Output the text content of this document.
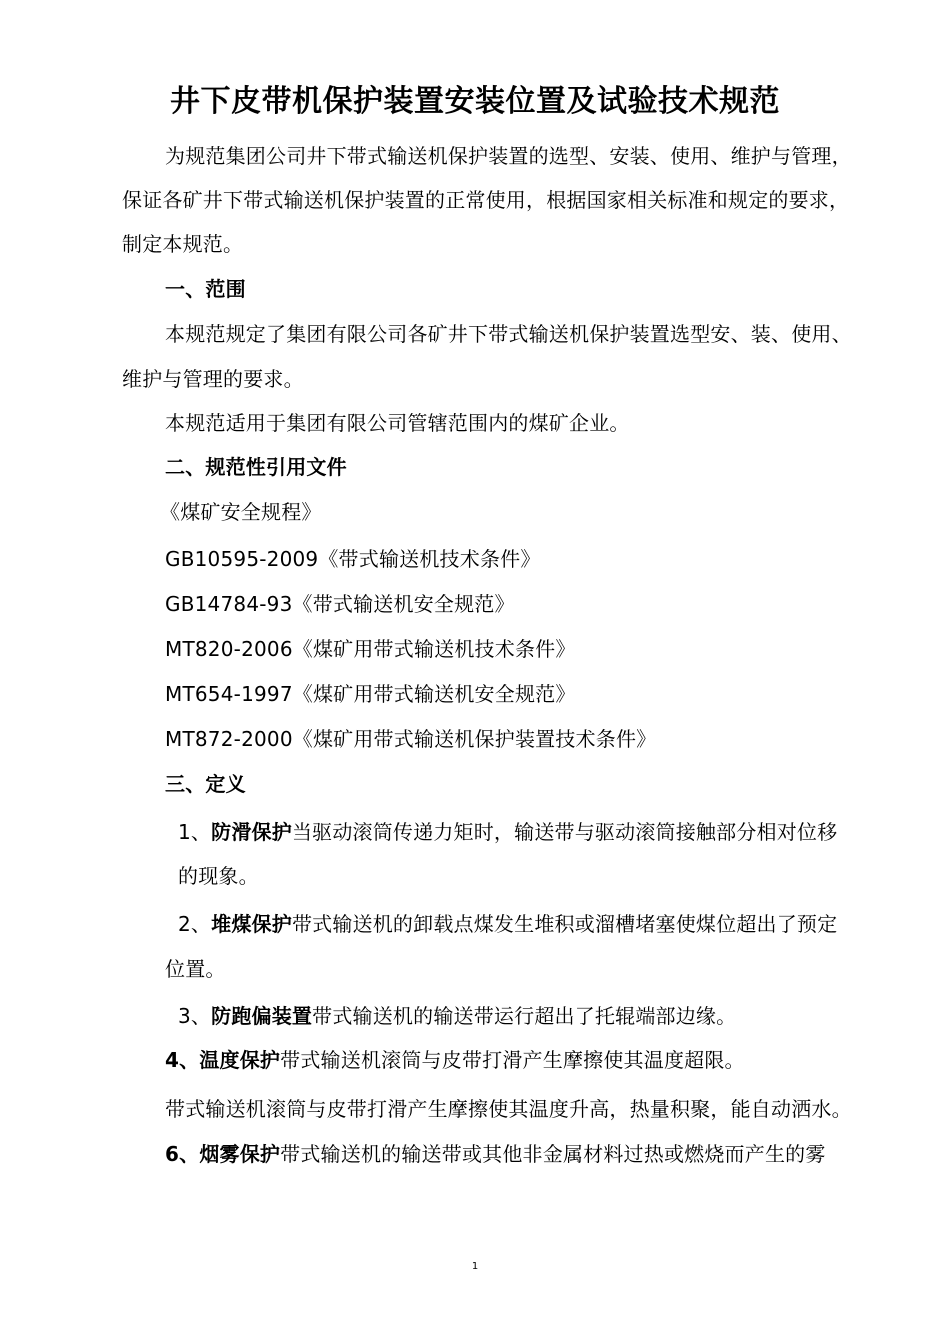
井下皮带机保护装置安装位置及试验技术规范
为规范集团公司井下带式输送机保护装置的选型、安装、使用、维护与管理，
保证各矿井下带式输送机保护装置的正常使用，根据国家相关标准和规定的要求，
制定本规范。
一、范围
本规范规定了集团有限公司各矿井下带式输送机保护装置选型安、装、使用、
维护与管理的要求。
本规范适用于集团有限公司管辖范围内的煤矿企业。
二、规范性引用文件
《煤矿安全规程》
GB10595-2009《带式输送机技术条件》
GB14784-93《带式输送机安全规范》
MT820-2006《煤矿用带式输送机技术条件》
MT654-1997《煤矿用带式输送机安全规范》
MT872-2000《煤矿用带式输送机保护装置技术条件》
三、定义
1、防滑保护当驱动滚筒传递力矩时，输送带与驱动滚筒接触部分相对位移
的现象。
2、堆煤保护带式输送机的卸载点煤发生堆积或溜槽堵塞使煤位超出了预定
位置。
3、防跑偏装置带式输送机的输送带运行超出了托辊端部边缘。
4、温度保护带式输送机滚筒与皮带打滑产生摩擦使其温度超限。
带式输送机滚筒与皮带打滑产生摩擦使其温度升高，热量积聚，能自动洒水。
6、烟雾保护带式输送机的输送带或其他非金属材料过热或燃烧而产生的雾
1
